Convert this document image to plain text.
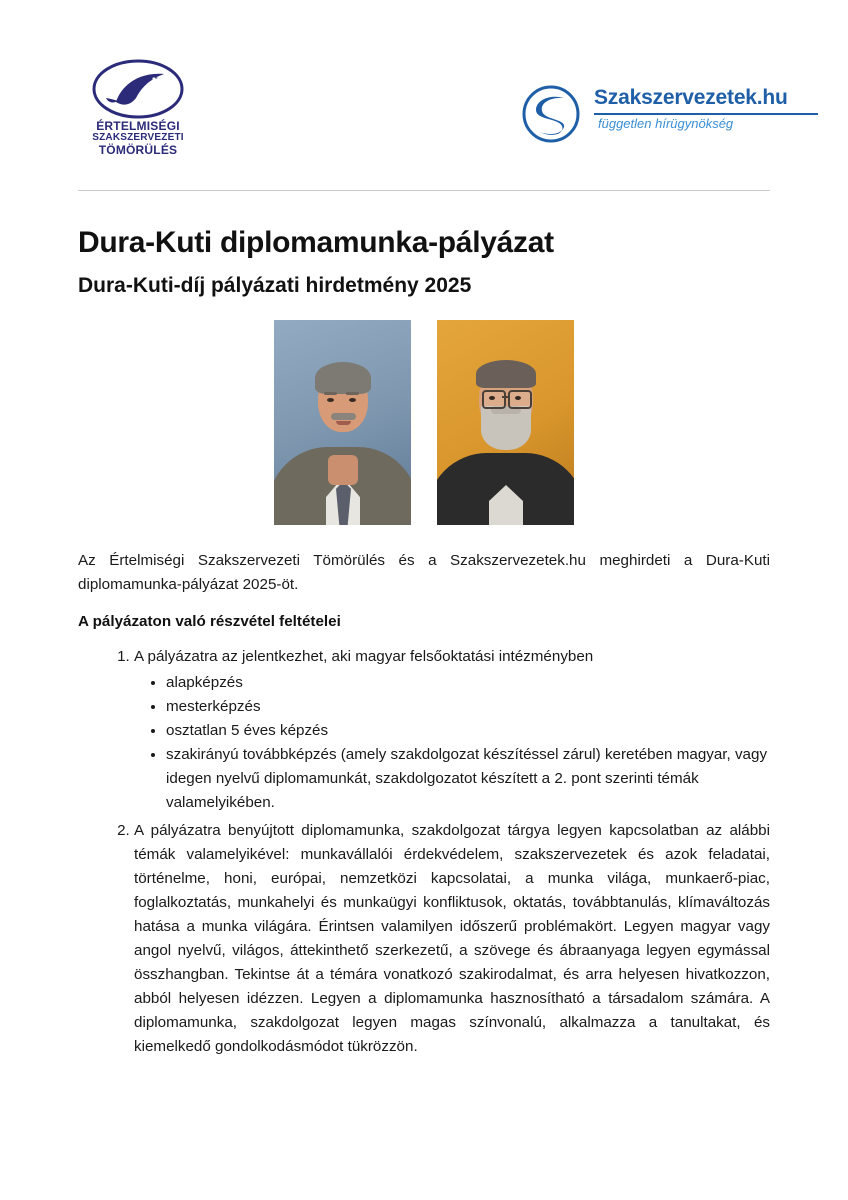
ÉRTELMISÉGI
SZAKSZERVEZETI
TÖMÖRÜLÉS
Szakszervezetek.hu
független hírügynökség
Dura-Kuti diplomamunka-pályázat
Dura-Kuti-díj pályázati hirdetmény 2025

Az Értelmiségi Szakszervezeti Tömörülés és a Szakszervezetek.hu meghirdeti a Dura-Kuti diplomamunka-pályázat 2025-öt.

A pályázaton való részvétel feltételei

1. A pályázatra az jelentkezhet, aki magyar felsőoktatási intézményben
• alapképzés
• mesterképzés
• osztatlan 5 éves képzés
• szakirányú továbbképzés (amely szakdolgozat készítéssel zárul) keretében magyar, vagy idegen nyelvű diplomamunkát, szakdolgozatot készített a 2. pont szerinti témák valamelyikében.
2. A pályázatra benyújtott diplomamunka, szakdolgozat tárgya legyen kapcsolatban az alábbi témák valamelyikével: munkavállalói érdekvédelem, szakszervezetek és azok feladatai, történelme, honi, európai, nemzetközi kapcsolatai, a munka világa, munkaerő-piac, foglalkoztatás, munkahelyi és munkaügyi konfliktusok, oktatás, továbbtanulás, klímaváltozás hatása a munka világára. Érintsen valamilyen időszerű problémakört. Legyen magyar vagy angol nyelvű, világos, áttekinthető szerkezetű, a szövege és ábraanyaga legyen egymással összhangban. Tekintse át a témára vonatkozó szakirodalmat, és arra helyesen hivatkozzon, abból helyesen idézzen. Legyen a diplomamunka hasznosítható a társadalom számára. A diplomamunka, szakdolgozat legyen magas színvonalú, alkalmazza a tanultakat, és kiemelkedő gondolkodásmódot tükrözzön.
